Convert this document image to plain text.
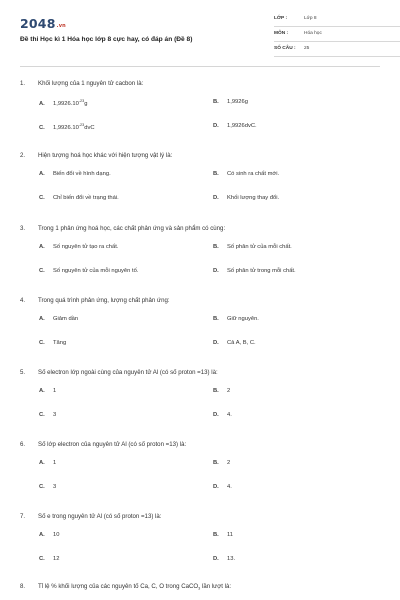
2048.vn
Đề thi Học kì 1 Hóa học lớp 8 cực hay, có đáp án (Đề 8)
LỚP :	Lớp 8
MÔN :	Hóa học
SỐ CÂU : 25
1.	Khối lượng của 1 nguyên tử cacbon là:
A. $1,9926.10^{-23}g$	B. 1,9926g
C. $1,9926.10^{-23}dvC$	D. 1,9926dvC.
2.	Hiện tượng hoá học khác với hiện tượng vật lý là:
A. Biến đổi về hình dạng.	B. Có sinh ra chất mới.
C. Chỉ biến đổi về trạng thái.	D. Khối lượng thay đổi.
3.	Trong 1 phản ứng hoá học, các chất phản ứng và sản phẩm có cùng:
A. Số nguyên tử tạo ra chất.	B. Số phân tử của mỗi chất.
C. Số nguyên tử của mỗi nguyên tố.	D. Số phân tử trong mỗi chất.
4.	Trong quá trình phản ứng, lượng chất phản ứng:
A. Giảm dần	B. Giữ nguyên.
C. Tăng	D. Cả A, B, C.
5.	Số electron lớp ngoài cùng của nguyên tử Al (có số proton =13) là:
A. 1	B. 2
C. 3	D. 4.
6.	Số lớp electron của nguyên tử Al (có số proton =13) là:
A. 1	B. 2
C. 3	D. 4.
7.	Số e trong nguyên tử Al (có số proton =13) là:
A. 10	B. 11
C. 12	D. 13.
8.	Tỉ lệ % khối lượng của các nguyên tố Ca, C, O trong CaCO$_3$ lần lượt là:
